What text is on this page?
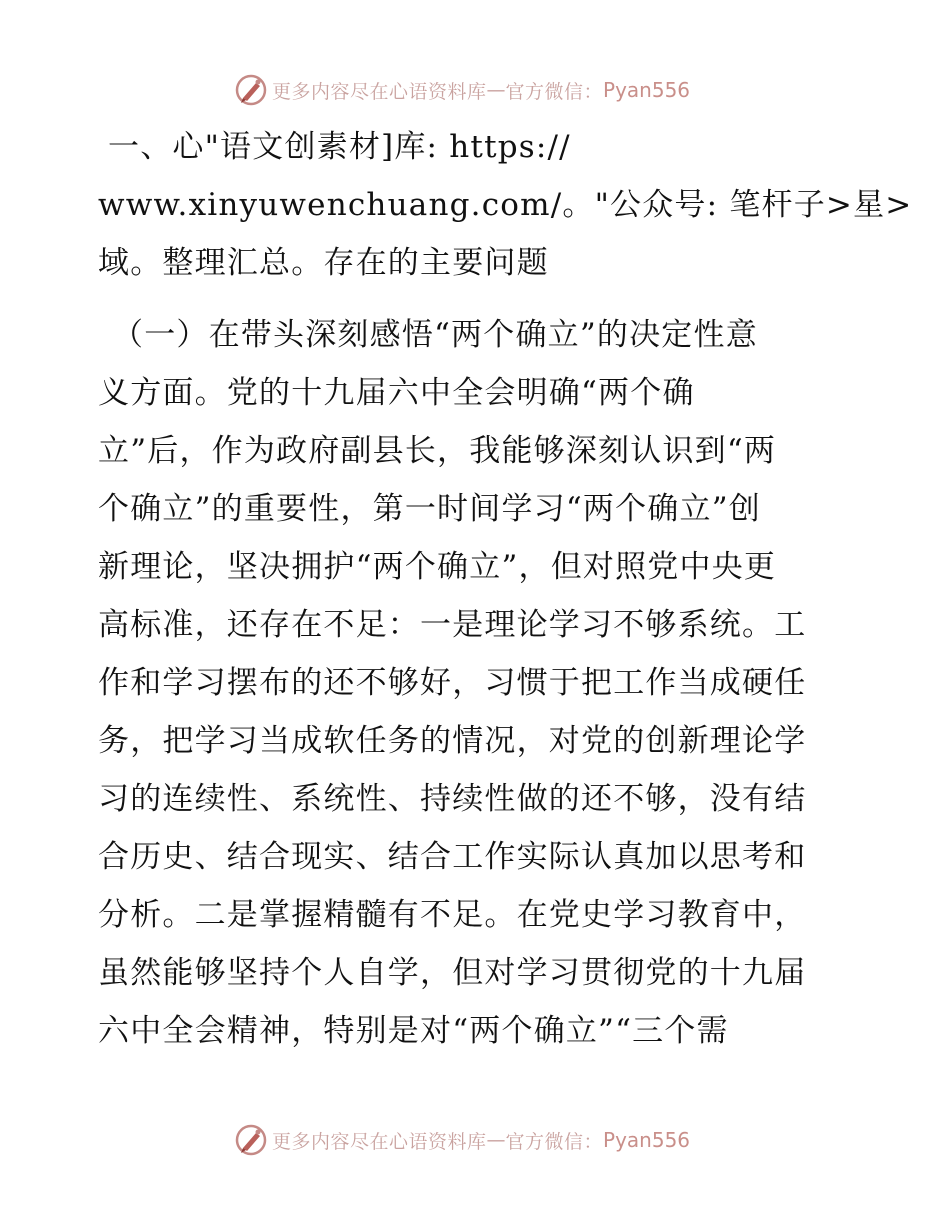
更多内容尽在心语资料库 — 官方微信： Pyan556
一、心"语文创素材]库: https://
www.xinyuwenchuang.com/。"公众号: 笔杆子>星>
域。整理汇总。存在的主要问题
（一）在带头深刻感悟“两个确立”的决定性意
义方面。党的十九届六中全会明确“两个确
立”后，作为政府副县长，我能够深刻认识到“两
个确立”的重要性，第一时间学习“两个确立”创
新理论，坚决拥护“两个确立”，但对照党中央更
高标准，还存在不足：一是理论学习不够系统。工
作和学习摆布的还不够好，习惯于把工作当成硬任
务，把学习当成软任务的情况，对党的创新理论学
习的连续性、系统性、持续性做的还不够，没有结
合历史、结合现实、结合工作实际认真加以思考和
分析。二是掌握精髓有不足。在党史学习教育中，
虽然能够坚持个人自学，但对学习贯彻党的十九届
六中全会精神，特别是对“两个确立”“三个需
更多内容尽在心语资料库 — 官方微信： Pyan556
